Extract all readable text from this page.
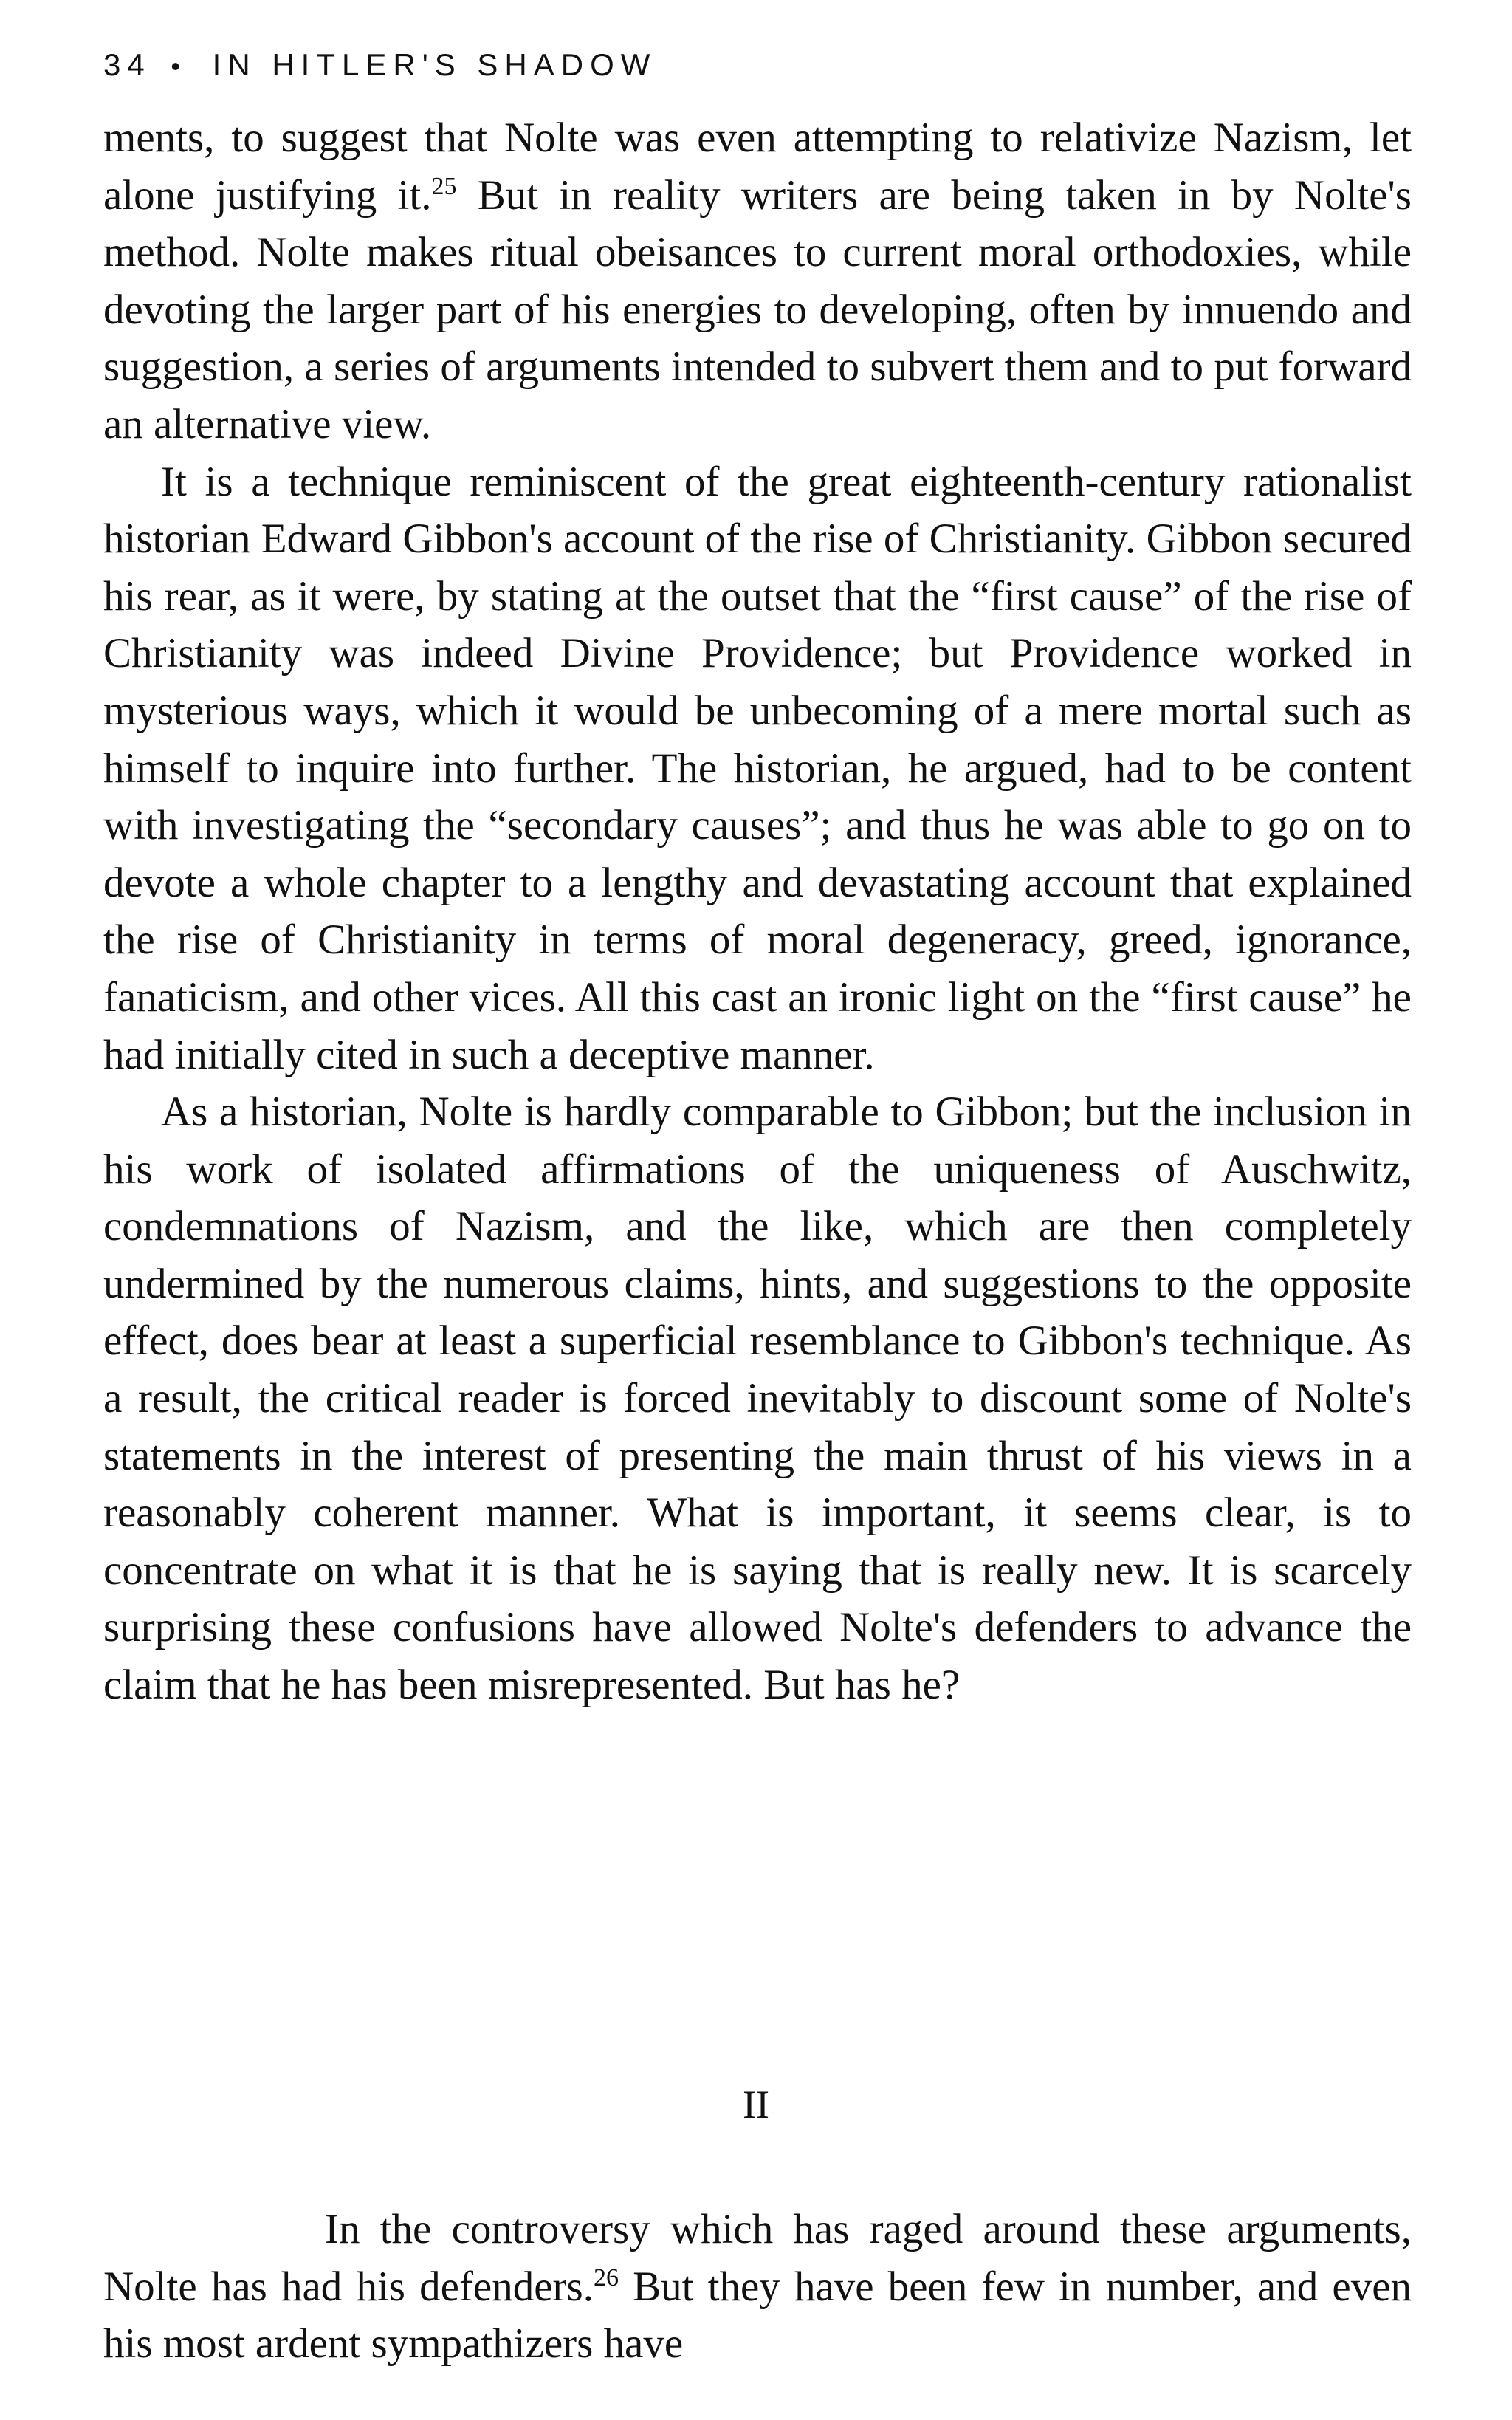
34 • IN HITLER'S SHADOW

ments, to suggest that Nolte was even attempting to relativize Nazism, let alone justifying it.$^{25}$ But in reality writers are being taken in by Nolte's method. Nolte makes ritual obeisances to current moral orthodoxies, while devoting the larger part of his energies to developing, often by innuendo and suggestion, a series of arguments intended to subvert them and to put forward an alternative view.

It is a technique reminiscent of the great eighteenth-century rationalist historian Edward Gibbon's account of the rise of Christianity. Gibbon secured his rear, as it were, by stating at the outset that the “first cause” of the rise of Christianity was indeed Divine Providence; but Providence worked in mysterious ways, which it would be unbecoming of a mere mortal such as himself to inquire into further. The historian, he argued, had to be content with investigating the “secondary causes”; and thus he was able to go on to devote a whole chapter to a lengthy and devastating account that explained the rise of Christianity in terms of moral degeneracy, greed, ignorance, fanaticism, and other vices. All this cast an ironic light on the “first cause” he had initially cited in such a deceptive manner.

As a historian, Nolte is hardly comparable to Gibbon; but the inclusion in his work of isolated affirmations of the uniqueness of Auschwitz, condemnations of Nazism, and the like, which are then completely undermined by the numerous claims, hints, and suggestions to the opposite effect, does bear at least a superficial resemblance to Gibbon's technique. As a result, the critical reader is forced inevitably to discount some of Nolte's statements in the interest of presenting the main thrust of his views in a reasonably coherent manner. What is important, it seems clear, is to concentrate on what it is that he is saying that is really new. It is scarcely surprising these confusions have allowed Nolte's defenders to advance the claim that he has been misrepresented. But has he?

II

In the controversy which has raged around these arguments, Nolte has had his defenders.$^{26}$ But they have been few in number, and even his most ardent sympathizers have
